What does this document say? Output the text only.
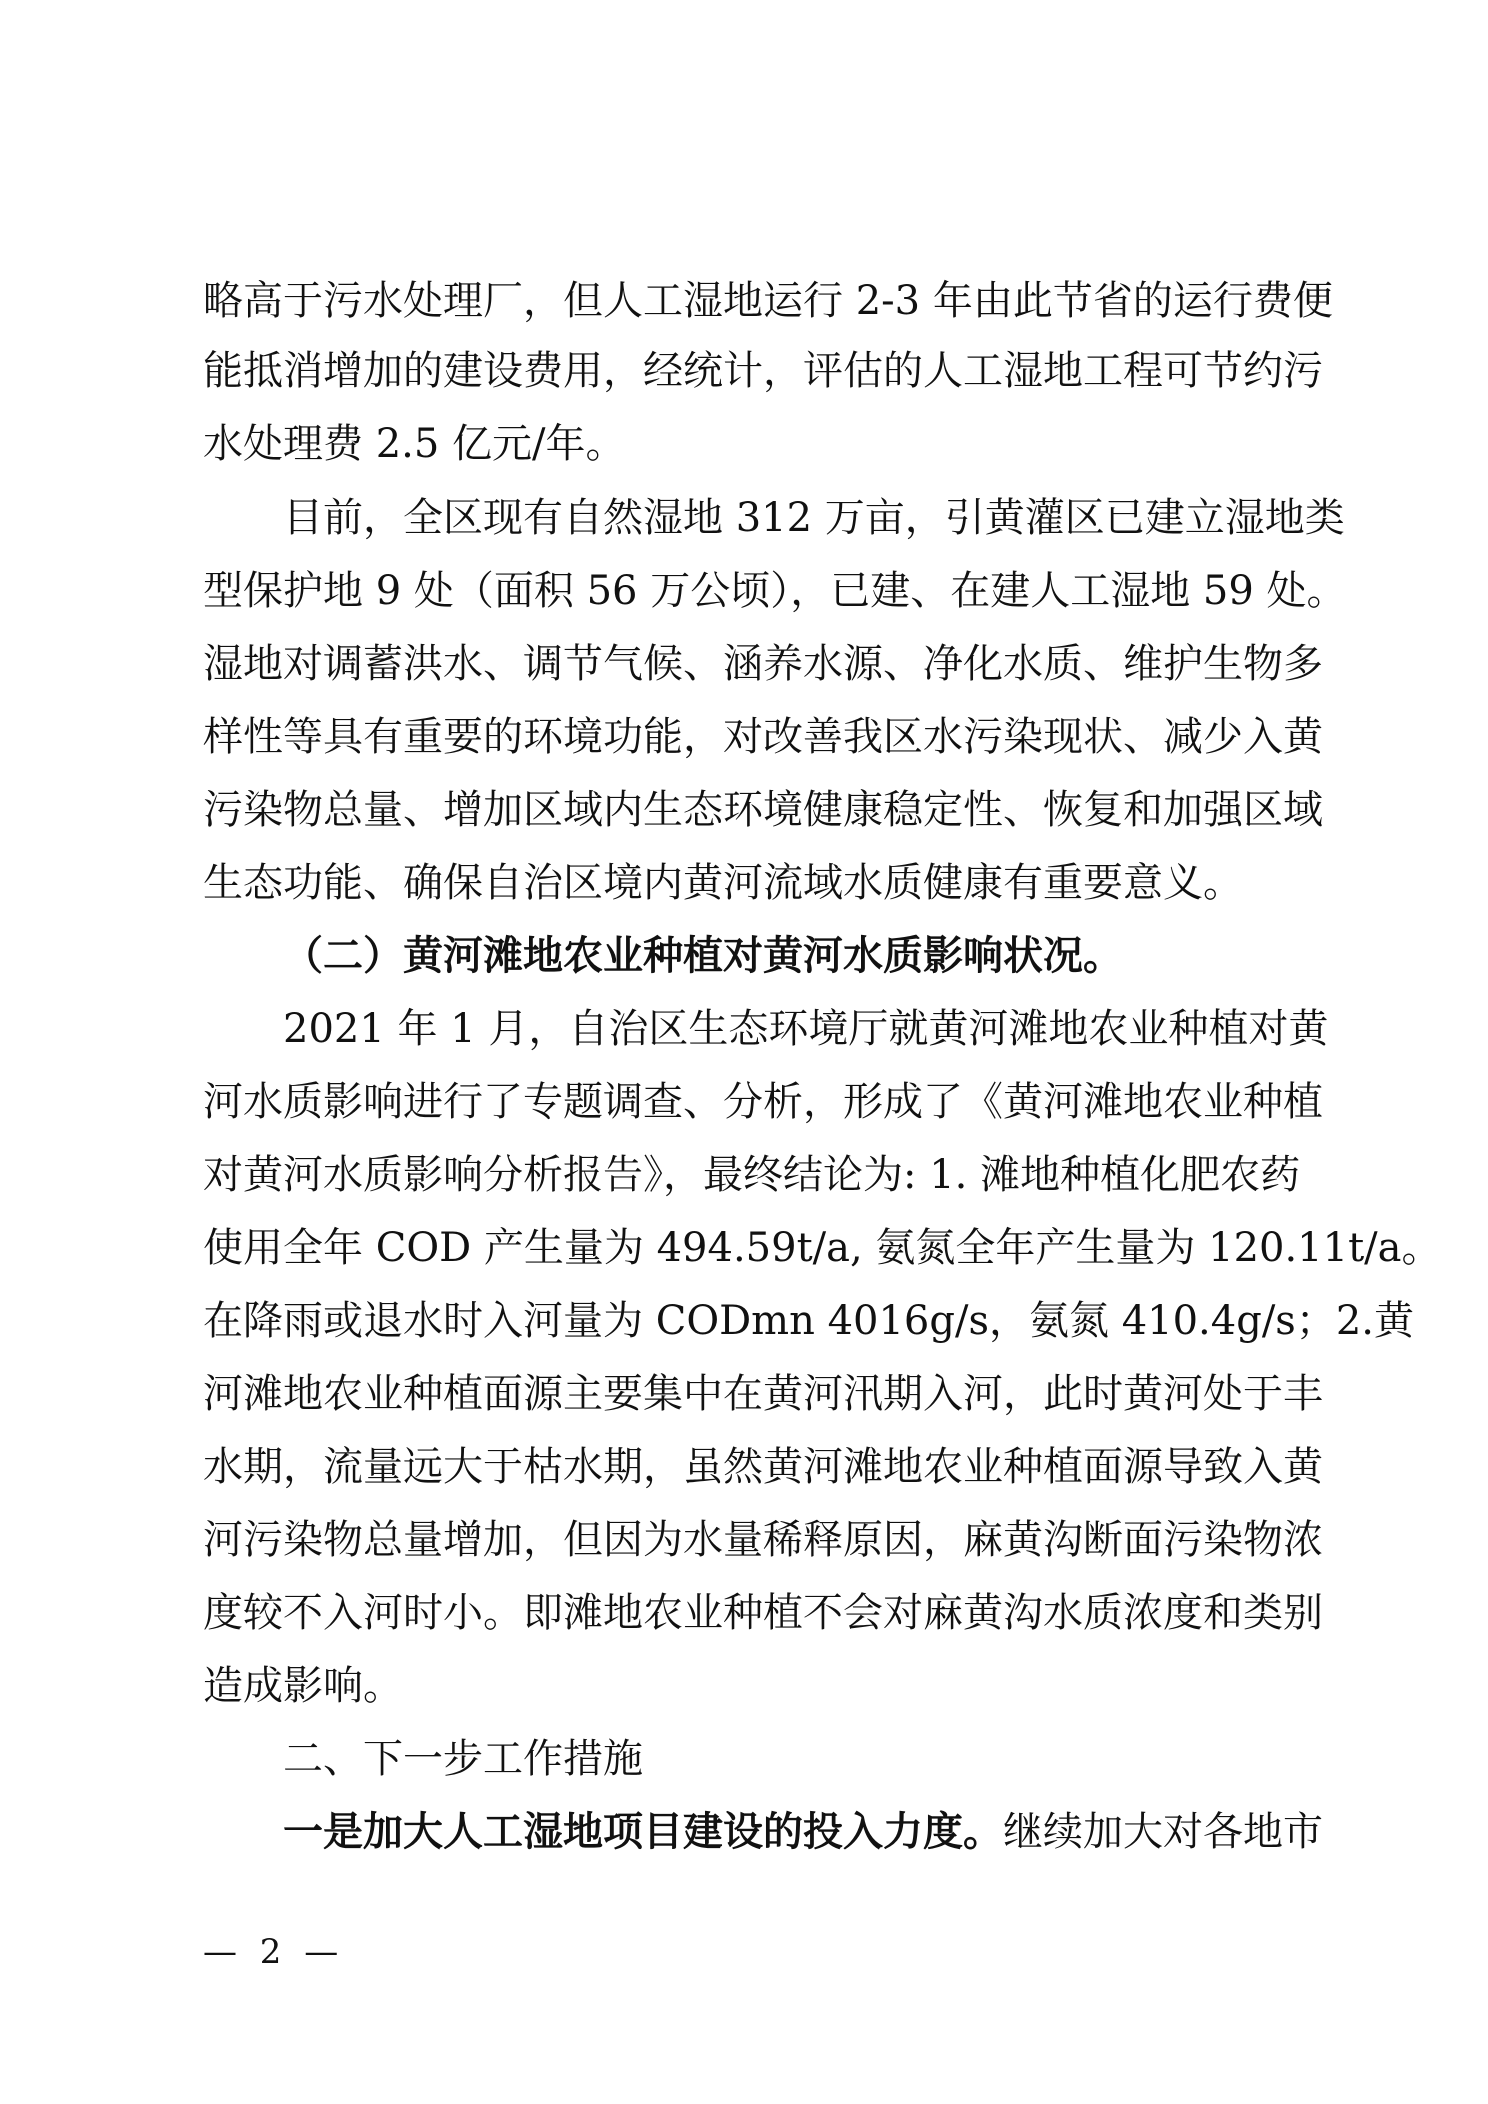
略高于污水处理厂，但人工湿地运行 2-3 年由此节省的运行费便
能抵消增加的建设费用，经统计，评估的人工湿地工程可节约污
水处理费 2.5 亿元/年。
目前，全区现有自然湿地 312 万亩，引黄灌区已建立湿地类
型保护地 9 处（面积 56 万公顷），已建、在建人工湿地 59 处。
湿地对调蓄洪水、调节气候、涵养水源、净化水质、维护生物多
样性等具有重要的环境功能，对改善我区水污染现状、减少入黄
污染物总量、增加区域内生态环境健康稳定性、恢复和加强区域
生态功能、确保自治区境内黄河流域水质健康有重要意义。
（二）黄河滩地农业种植对黄河水质影响状况。
2021 年 1 月，自治区生态环境厅就黄河滩地农业种植对黄
河水质影响进行了专题调查、分析，形成了《黄河滩地农业种植
对黄河水质影响分析报告》，最终结论为: 1. 滩地种植化肥农药
使用全年 COD 产生量为 494.59t/a, 氨氮全年产生量为 120.11t/a。
在降雨或退水时入河量为 CODmn 4016g/s，氨氮 410.4g/s；2.黄
河滩地农业种植面源主要集中在黄河汛期入河，此时黄河处于丰
水期，流量远大于枯水期，虽然黄河滩地农业种植面源导致入黄
河污染物总量增加，但因为水量稀释原因，麻黄沟断面污染物浓
度较不入河时小。即滩地农业种植不会对麻黄沟水质浓度和类别
造成影响。
二、下一步工作措施
一是加大人工湿地项目建设的投入力度。继续加大对各地市
— 2 —
